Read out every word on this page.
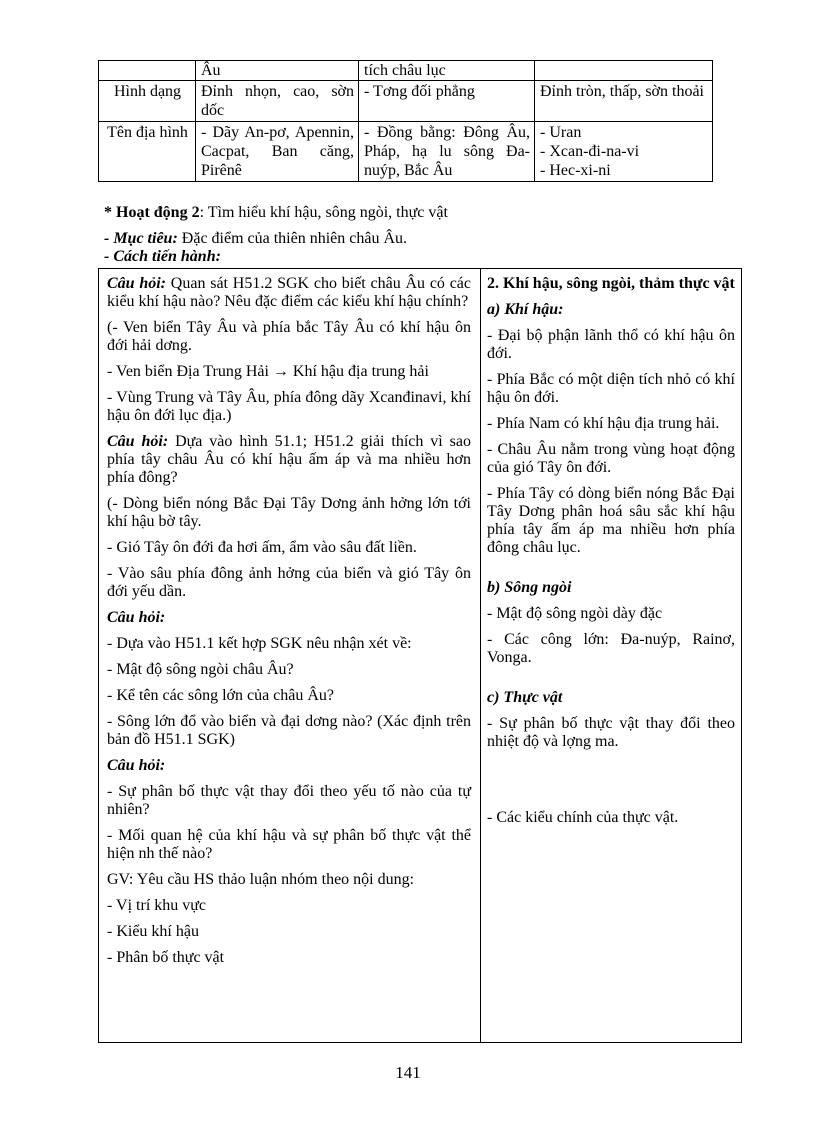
	Âu	tích châu lục	
Hình dạng	Đỉnh nhọn, cao, sờn dốc	- Tơng đối phẳng	Đỉnh tròn, thấp, sờn thoải
Tên địa hình	- Dãy An-pơ, Apennin, Cacpat, Ban căng, Pirênê	- Đồng bằng: Đông Âu, Pháp, hạ lu sông Đa-nuýp, Bắc Âu	- Uran
- Xcan-đi-na-vi
- Hec-xi-ni
* Hoạt động 2: Tìm hiểu khí hậu, sông ngòi, thực vật
- Mục tiêu: Đặc điểm của thiên nhiên châu Âu.
- Cách tiến hành:

Câu hỏi: Quan sát H51.2 SGK cho biết châu Âu có các kiểu khí hậu nào? Nêu đặc điểm các kiểu khí hậu chính?

(- Ven biển Tây Âu và phía bắc Tây Âu có khí hậu ôn đới hải dơng.

- Ven biển Địa Trung Hải → Khí hậu địa trung hải

- Vùng Trung và Tây Âu, phía đông dãy Xcanđinavi, khí hậu ôn đới lục địa.)

Câu hỏi: Dựa vào hình 51.1; H51.2 giải thích vì sao phía tây châu Âu có khí hậu ấm áp và ma nhiều hơn phía đông?

(- Dòng biển nóng Bắc Đại Tây Dơng ảnh hởng lớn tới khí hậu bờ tây.

- Gió Tây ôn đới đa hơi ấm, ẩm vào sâu đất liền.

- Vào sâu phía đông ảnh hởng của biển và gió Tây ôn đới yếu dần.

Câu hỏi:

- Dựa vào H51.1 kết hợp SGK nêu nhận xét về:

- Mật độ sông ngòi châu Âu?

- Kể tên các sông lớn của châu Âu?

- Sông lớn đổ vào biển và đại dơng nào? (Xác định trên bản đồ H51.1 SGK)

Câu hỏi:

- Sự phân bố thực vật thay đổi theo yếu tố nào của tự nhiên?

- Mối quan hệ của khí hậu và sự phân bố thực vật thể hiện nh thế nào?

GV: Yêu cầu HS thảo luận nhóm theo nội dung:

- Vị trí khu vực

- Kiểu khí hậu

- Phân bố thực vật

2. Khí hậu, sông ngòi, thảm thực vật

a) Khí hậu:

- Đại bộ phận lãnh thổ có khí hậu ôn đới.

- Phía Bắc có một diện tích nhỏ có khí hậu ôn đới.

- Phía Nam có khí hậu địa trung hải.

- Châu Âu nằm trong vùng hoạt động của gió Tây ôn đới.

- Phía Tây có dòng biển nóng Bắc Đại Tây Dơng phân hoá sâu sắc khí hậu phía tây ấm áp ma nhiều hơn phía đông châu lục.

b) Sông ngòi

- Mật độ sông ngòi dày đặc

- Các công lớn: Đa-nuýp, Rainơ, Vonga.

c) Thực vật

- Sự phân bố thực vật thay đổi theo nhiệt độ và lợng ma.

- Các kiểu chính của thực vật.

141
